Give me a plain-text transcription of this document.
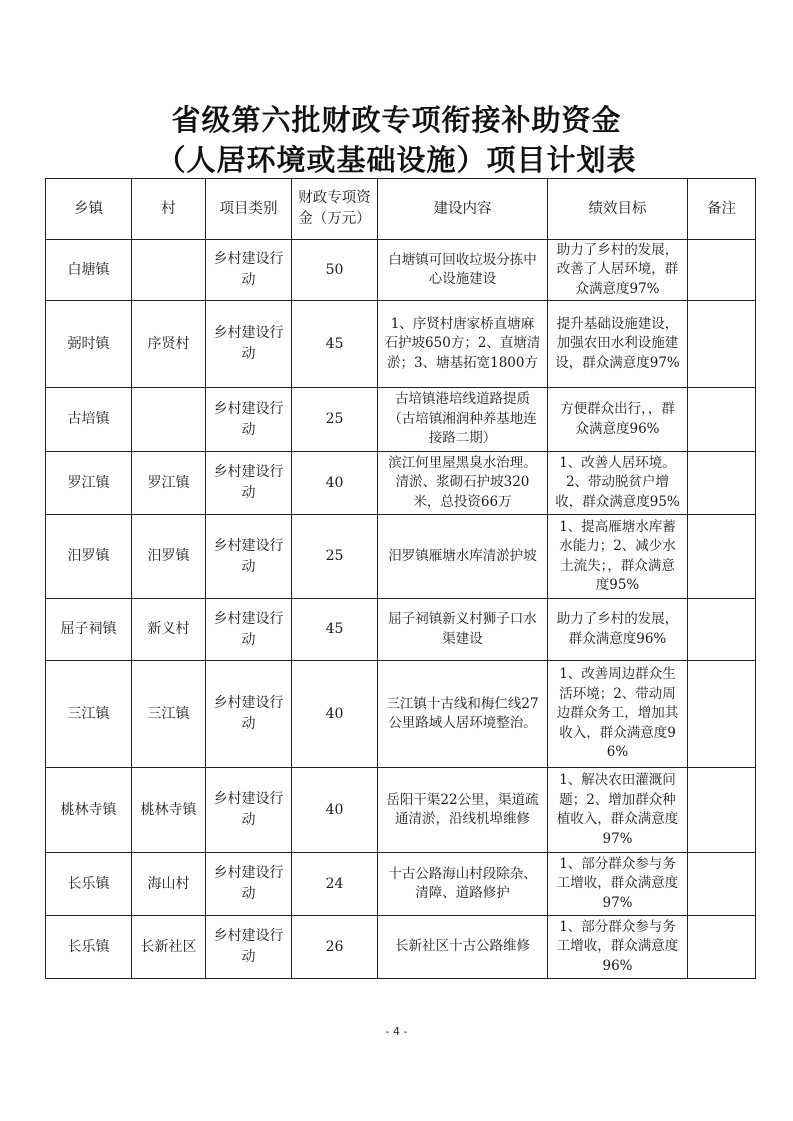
省级第六批财政专项衔接补助资金
（人居环境或基础设施）项目计划表
乡镇	村	项目类别	财政专项资金（万元）	建设内容	绩效目标	备注
白塘镇		乡村建设行动	50	白塘镇可回收垃圾分拣中心设施建设	助力了乡村的发展，改善了人居环境，群众满意度97%	
弼时镇	序贤村	乡村建设行动	45	1、序贤村唐家桥直塘麻石护坡650方；2、直塘清淤；3、塘基拓宽1800方	提升基础设施建设，加强农田水利设施建设，群众满意度97%	
古培镇		乡村建设行动	25	古培镇港培线道路提质（古培镇湘润种养基地连接路二期）	方便群众出行，，群众满意度96%	
罗江镇	罗江镇	乡村建设行动	40	滨江何里屋黑臭水治理。清淤、浆砌石护坡320米，总投资66万	1、改善人居环境。2、带动脱贫户增收，群众满意度95%	
汨罗镇	汨罗镇	乡村建设行动	25	汨罗镇雁塘水库清淤护坡	1、提高雁塘水库蓄水能力；2、减少水土流失；，群众满意度95%	
屈子祠镇	新义村	乡村建设行动	45	屈子祠镇新义村狮子口水渠建设	助力了乡村的发展，群众满意度96%	
三江镇	三江镇	乡村建设行动	40	三江镇十古线和梅仁线27公里路域人居环境整治。	1、改善周边群众生活环境；2、带动周边群众务工，增加其收入，群众满意度96%	
桃林寺镇	桃林寺镇	乡村建设行动	40	岳阳干渠22公里，渠道疏通清淤，沿线机埠维修	1、解决农田灌溉问题；2、增加群众种植收入，群众满意度97%	
长乐镇	海山村	乡村建设行动	24	十古公路海山村段除杂、清障、道路修护	1、部分群众参与务工增收，群众满意度97%	
长乐镇	长新社区	乡村建设行动	26	长新社区十古公路维修	1、部分群众参与务工增收，群众满意度96%	
- 4 -
